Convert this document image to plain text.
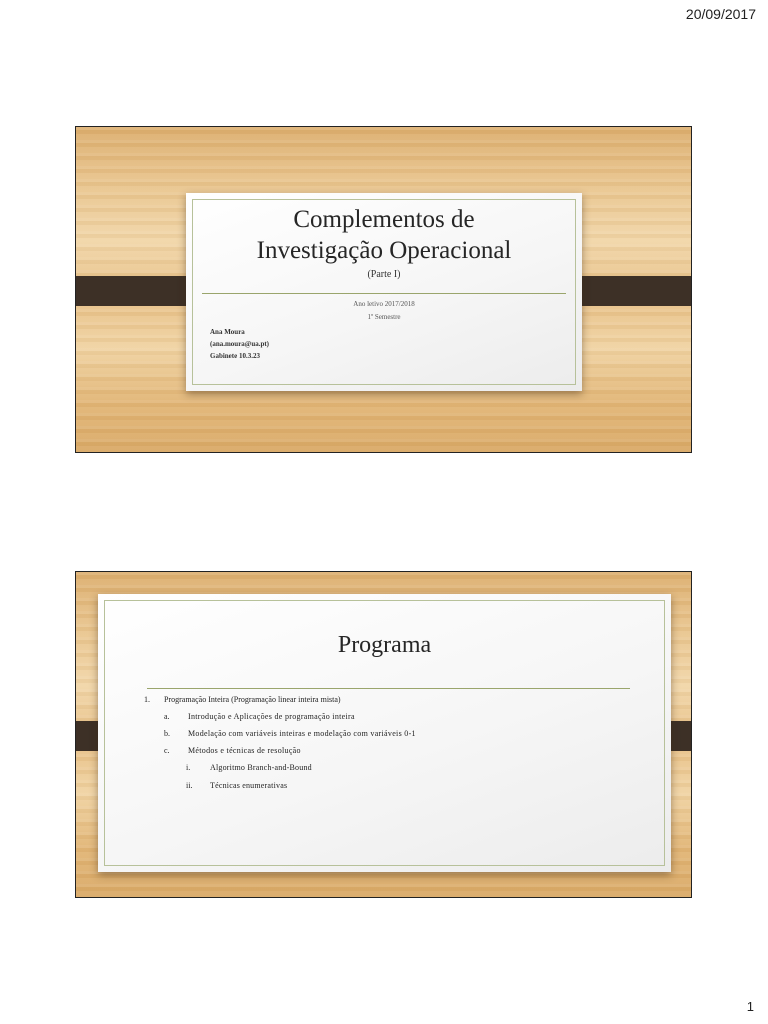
20/09/2017
Complementos de
Investigação Operacional
(Parte I)
Ano letivo 2017/2018
1º Semestre
Ana Moura
(ana.moura@ua.pt)
Gabinete 10.3.23
Programa
1. Programação Inteira (Programação linear inteira mista)
a. Introdução e Aplicações de programação inteira
b. Modelação com variáveis inteiras e modelação com variáveis 0-1
c. Métodos e técnicas de resolução
i. Algoritmo Branch-and-Bound
ii. Técnicas enumerativas
1
